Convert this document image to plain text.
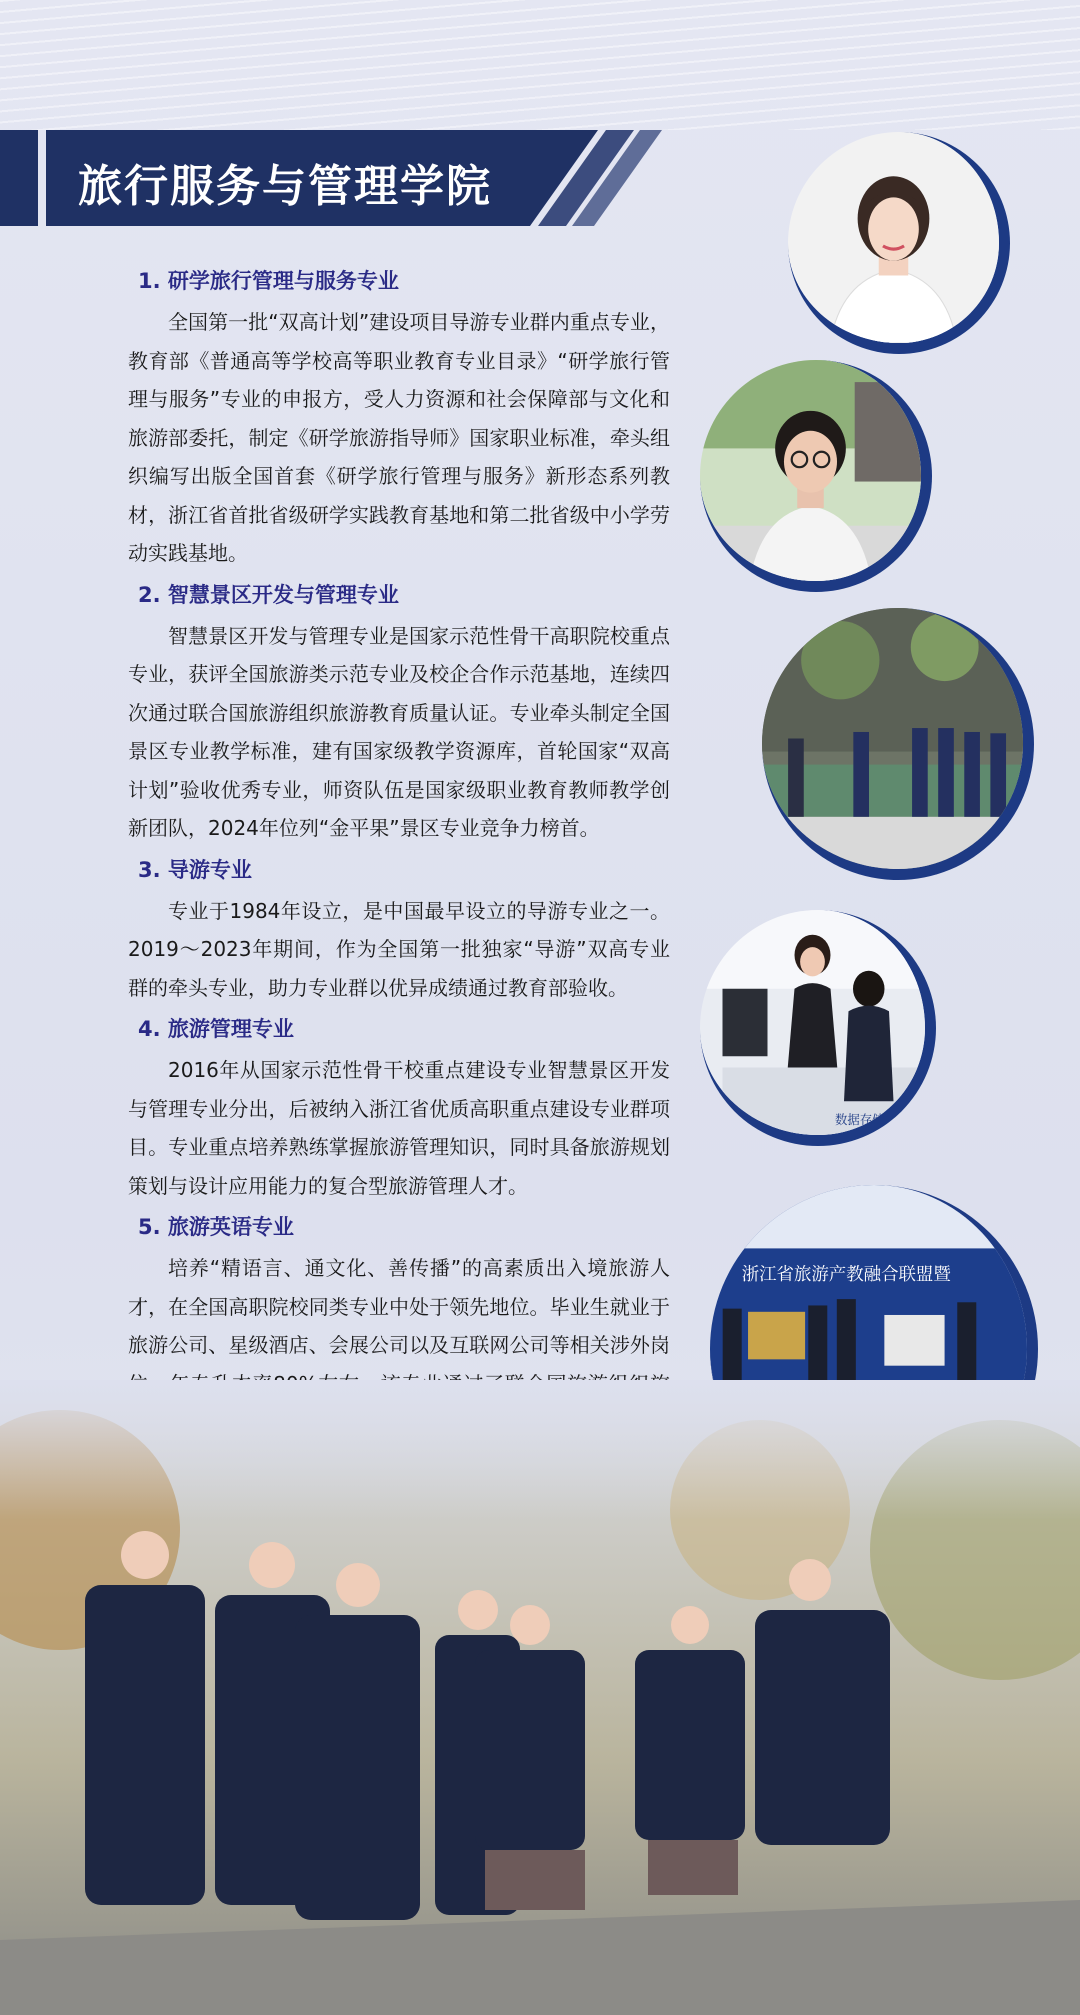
旅行服务与管理学院
1. 研学旅行管理与服务专业
全国第一批“双高计划”建设项目导游专业群内重点专业，教育部《普通高等学校高等职业教育专业目录》“研学旅行管理与服务”专业的申报方，受人力资源和社会保障部与文化和旅游部委托，制定《研学旅游指导师》国家职业标准，牵头组织编写出版全国首套《研学旅行管理与服务》新形态系列教材，浙江省首批省级研学实践教育基地和第二批省级中小学劳动实践基地。
2. 智慧景区开发与管理专业
智慧景区开发与管理专业是国家示范性骨干高职院校重点专业，获评全国旅游类示范专业及校企合作示范基地，连续四次通过联合国旅游组织旅游教育质量认证。专业牵头制定全国景区专业教学标准，建有国家级教学资源库，首轮国家“双高计划”验收优秀专业，师资队伍是国家级职业教育教师教学创新团队，2024年位列“金平果”景区专业竞争力榜首。
3. 导游专业
专业于1984年设立，是中国最早设立的导游专业之一。2019～2023年期间，作为全国第一批独家“导游”双高专业群的牵头专业，助力专业群以优异成绩通过教育部验收。
4. 旅游管理专业
2016年从国家示范性骨干校重点建设专业智慧景区开发与管理专业分出，后被纳入浙江省优质高职重点建设专业群项目。专业重点培养熟练掌握旅游管理知识，同时具备旅游规划策划与设计应用能力的复合型旅游管理人才。
5. 旅游英语专业
培养“精语言、通文化、善传播”的高素质出入境旅游人才，在全国高职院校同类专业中处于领先地位。毕业生就业于旅游公司、星级酒店、会展公司以及互联网公司等相关涉外岗
数据存储工作站
浙江省旅游产教融合联盟暨
